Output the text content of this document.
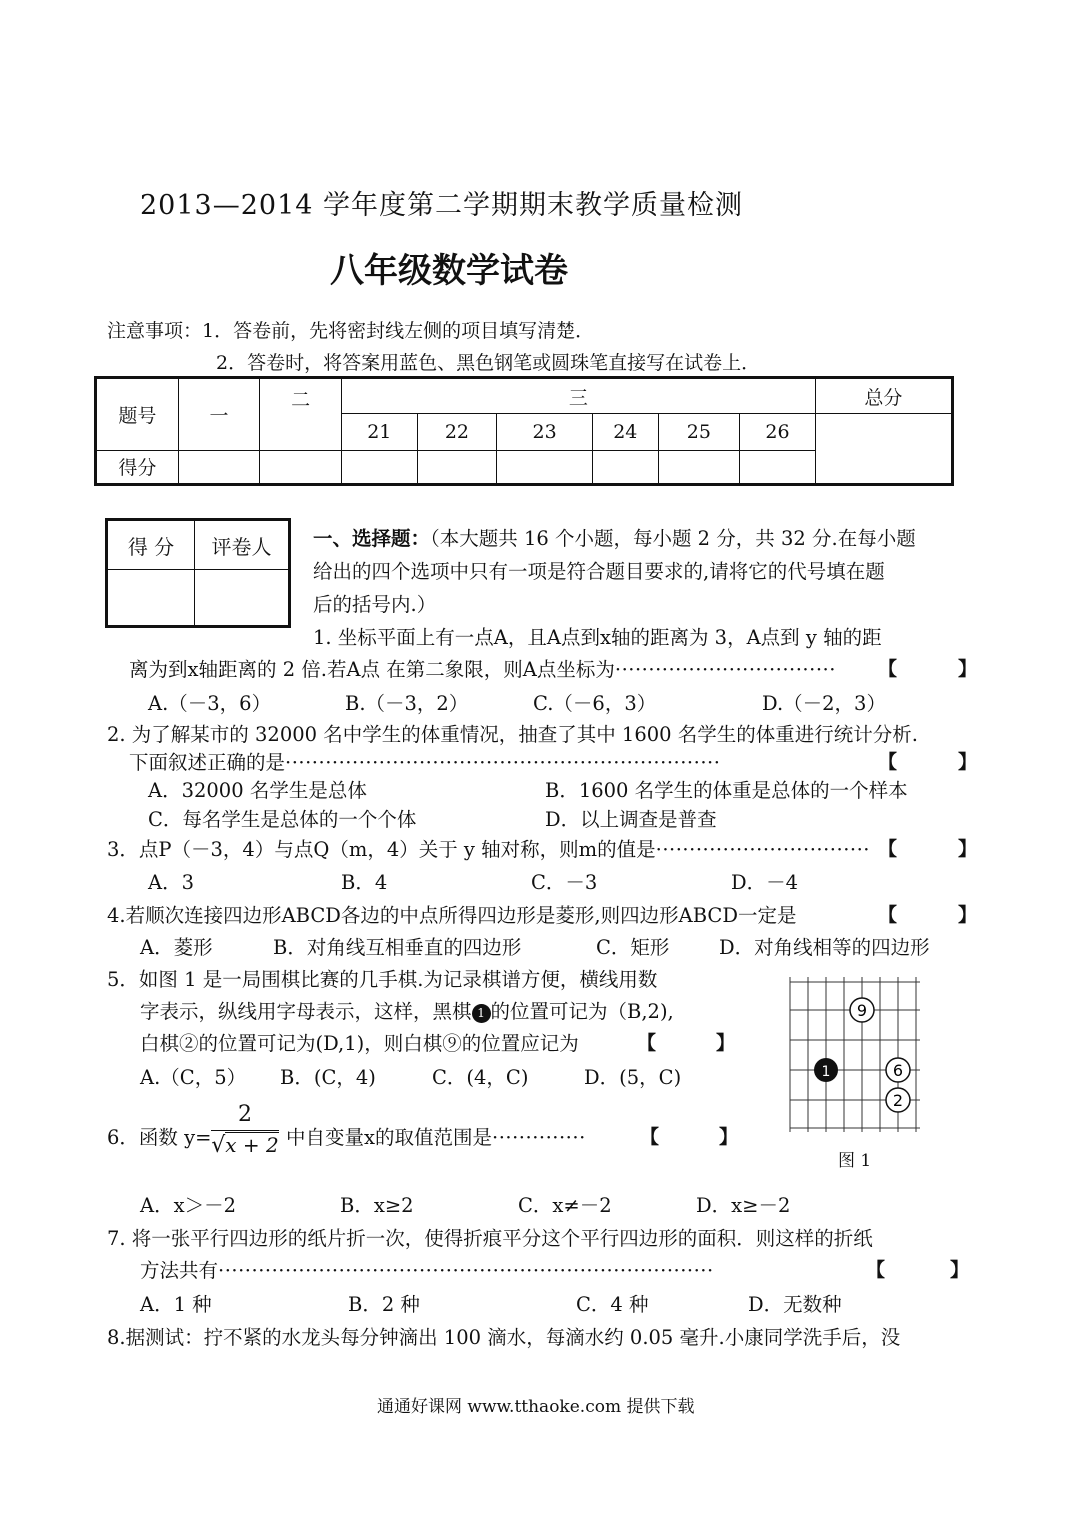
2013—2014 学年度第二学期期末教学质量检测
八年级数学试卷
注意事项：1．答卷前，先将密封线左侧的项目填写清楚．
2．答卷时，将答案用蓝色、黑色钢笔或圆珠笔直接写在试卷上．
题号	一	二	三						总分
			21	22	23	24	25	26	
得分									
得 分	评卷人
	一、选择题：（本大题共 16 个小题，每小题 2 分，共 32 分.在每小题
给出的四个选项中只有一项是符合题目要求的,请将它的代号填在题
后的括号内.）
1. 坐标平面上有一点A，且A点到x轴的距离为 3，A点到 y 轴的距
离为到x轴距离的 2 倍.若A点 在第二象限，则A点坐标为································· 【	】
A.（－3，6）	B.（－3，2）	C.（－6，3）	D.（－2，3）
2. 为了解某市的 32000 名中学生的体重情况，抽查了其中 1600 名学生的体重进行统计分析.
下面叙述正确的是·································································	【	】
A．32000 名学生是总体	B．1600 名学生的体重是总体的一个样本
C．每名学生是总体的一个个体	D．以上调查是普查
3．点P（－3，4）与点Q（m，4）关于 y 轴对称，则m的值是································ 【	】
A．3	B．4	C．－3	D．－4
4.若顺次连接四边形ABCD各边的中点所得四边形是菱形,则四边形ABCD一定是	【	】
A．菱形	B．对角线互相垂直的四边形	C．矩形	D．对角线相等的四边形
5．如图 1 是一局围棋比赛的几手棋.为记录棋谱方便，横线用数
字表示，纵线用字母表示，这样，黑棋 1 的位置可记为（B,2),
白棋②的位置可记为(D,1)，则白棋⑨的位置应记为	【	】
A.（C，5） B．(C，4)	C．(4，C)	D．(5，C)
9
1	6
2
图 1
6．函数 y=
2
√x + 2 中自变量x的取值范围是··············	【	】
A．x＞－2	B．x≥2	C．x≠－2	D．x≥－2
7. 将一张平行四边形的纸片折一次，使得折痕平分这个平行四边形的面积．则这样的折纸
方法共有··········································································	【	】
A．1 种	B．2 种	C．4 种	D．无数种
8.据测试：拧不紧的水龙头每分钟滴出 100 滴水，每滴水约 0.05 毫升.小康同学洗手后，没
通通好课网 www.tthaoke.com 提供下载
